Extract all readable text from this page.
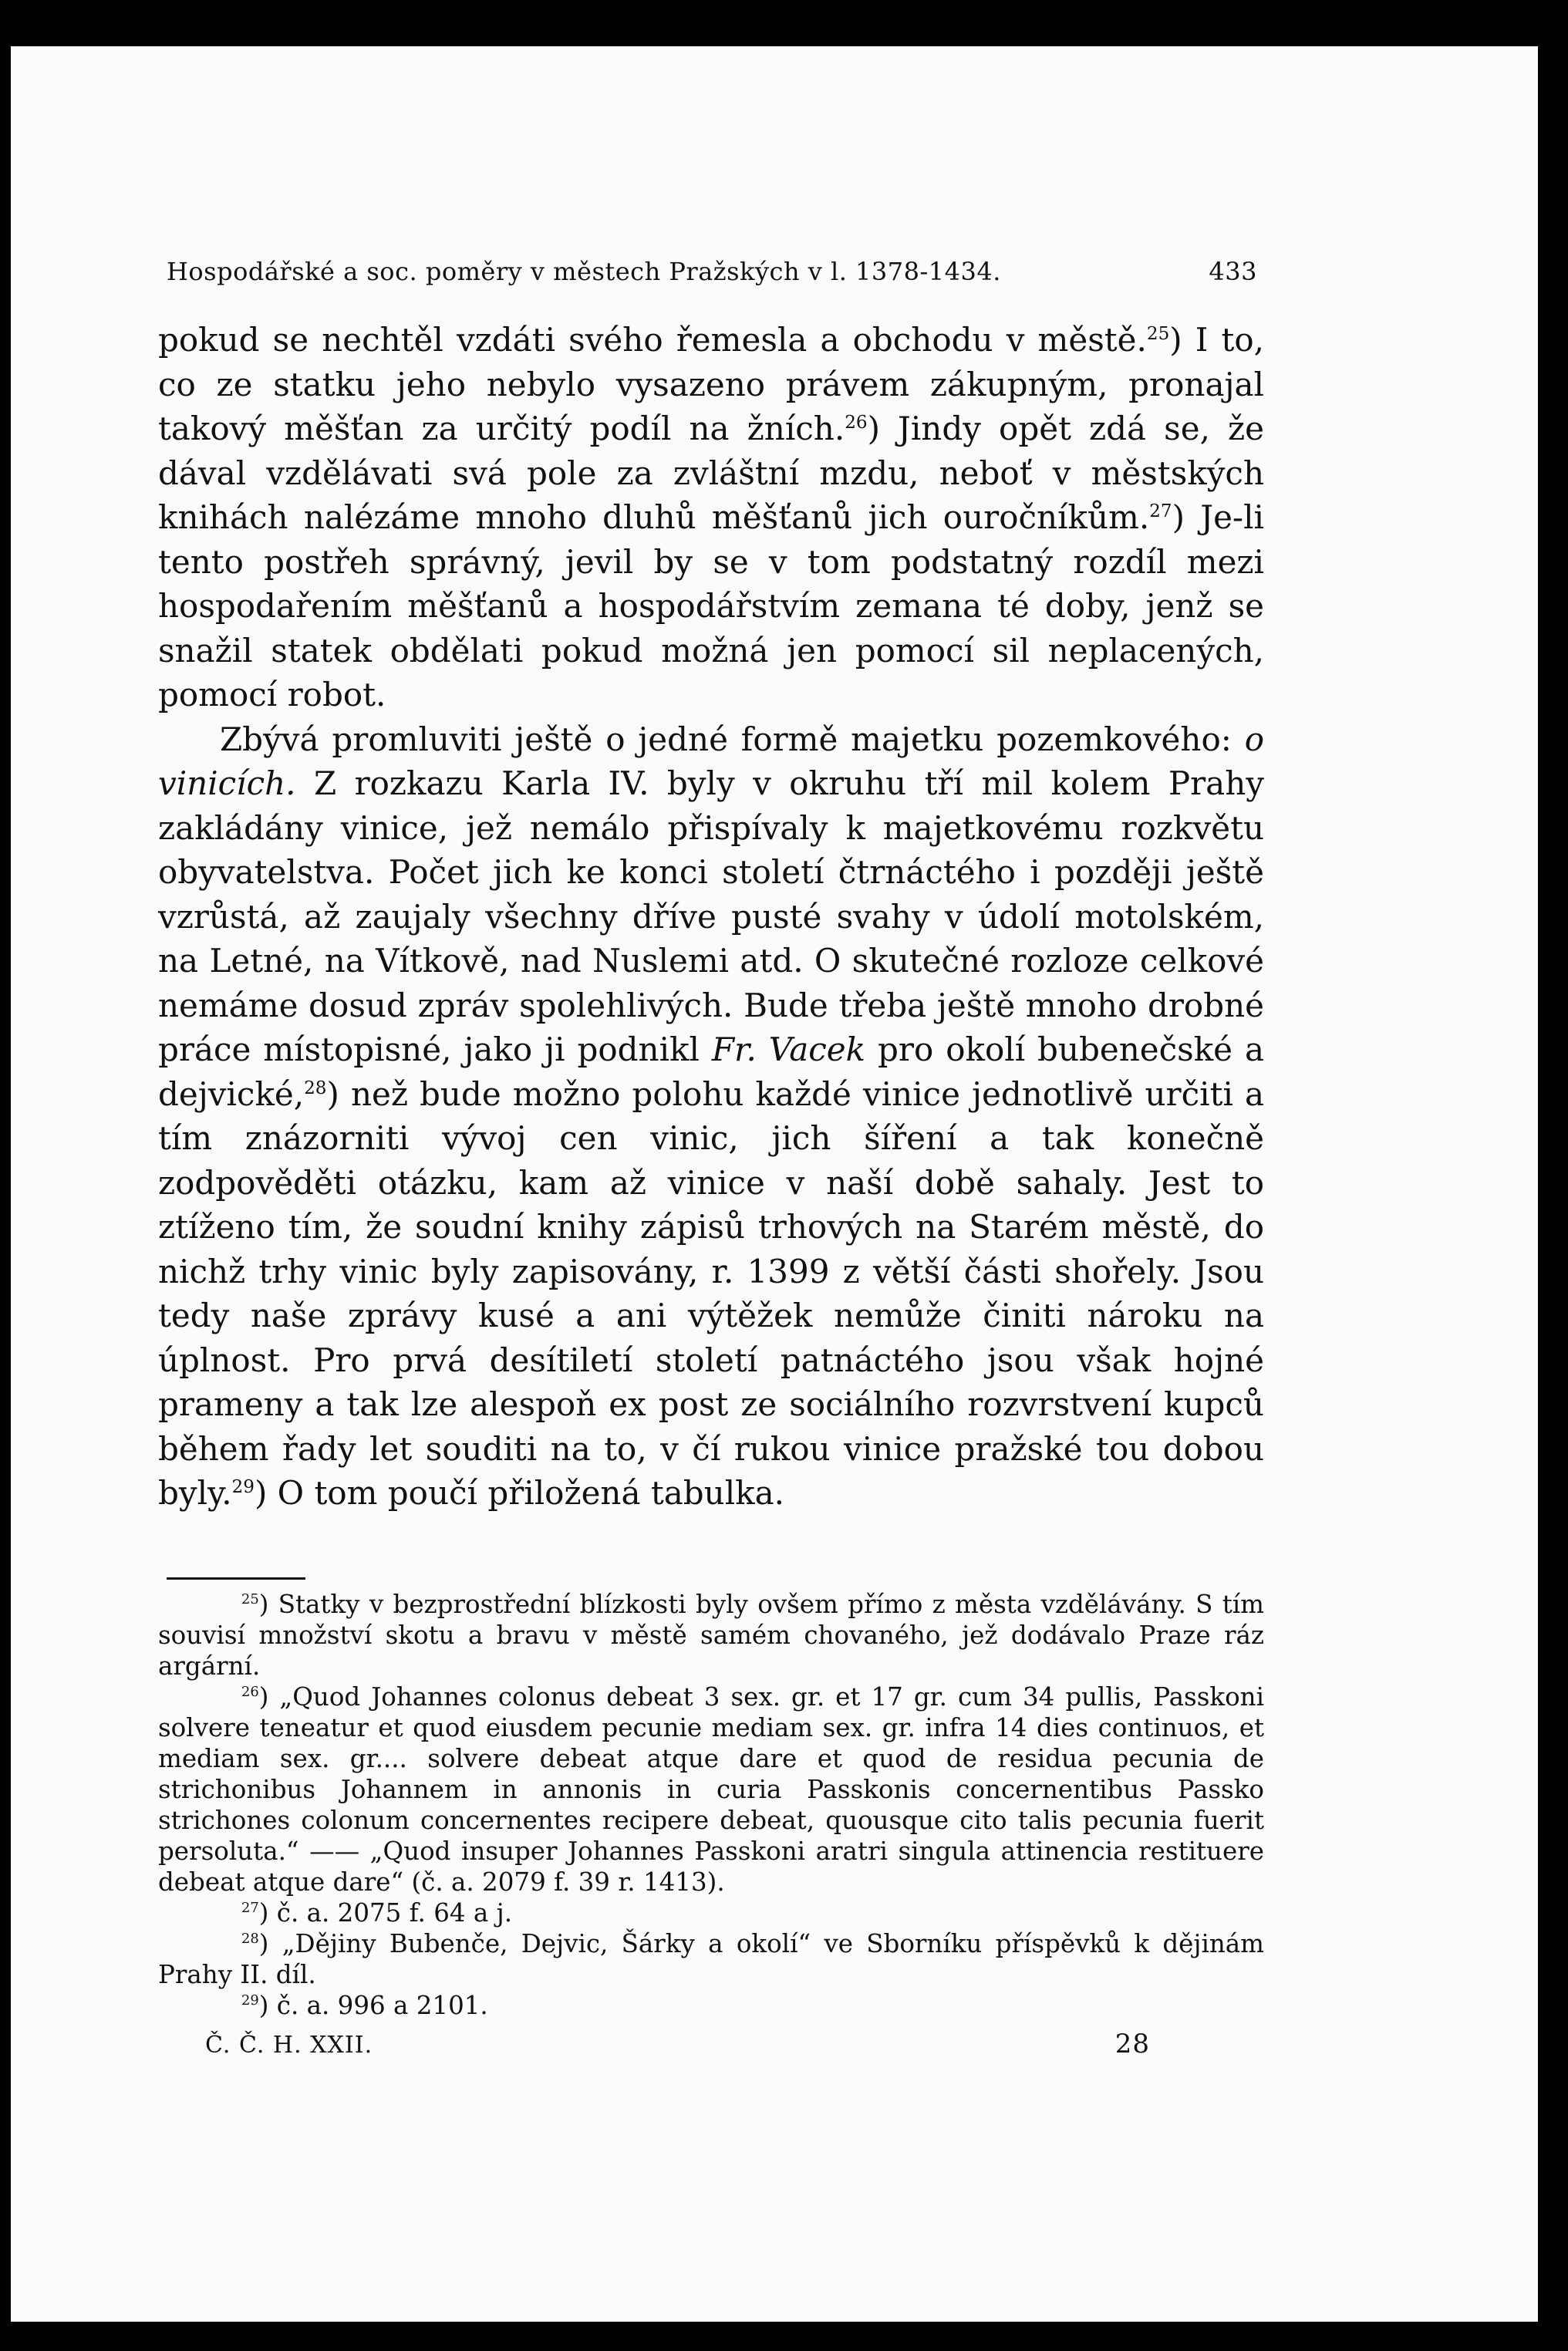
Hospodářské a soc. poměry v městech Pražských v l. 1378-1434.	433

pokud se nechtěl vzdáti svého řemesla a obchodu v městě.$^{25}$) I to, co ze statku jeho nebylo vysazeno právem zákupným, pronajal takový měšťan za určitý podíl na žních.$^{26}$) Jindy opět zdá se, že dával vzdělávati svá pole za zvláštní mzdu, neboť v městských knihách nalézáme mnoho dluhů měšťanů jich ouročníkům.$^{27}$) Je-li tento postřeh správný, jevil by se v tom podstatný rozdíl mezi hospodařením měšťanů a hospodářstvím zemana té doby, jenž se snažil statek obdělati pokud možná jen pomocí sil neplacených, pomocí robot.

Zbývá promluviti ještě o jedné formě majetku pozemkového: o vinicích. Z rozkazu Karla IV. byly v okruhu tří mil kolem Prahy zakládány vinice, jež nemálo přispívaly k majetkovému rozkvětu obyvatelstva. Počet jich ke konci století čtrnáctého i později ještě vzrůstá, až zaujaly všechny dříve pusté svahy v údolí motolském, na Letné, na Vítkově, nad Nuslemi atd. O skutečné rozloze celkové nemáme dosud zpráv spolehlivých. Bude třeba ještě mnoho drobné práce místopisné, jako ji podnikl Fr. Vacek pro okolí bubenečské a dejvické,$^{28}$) než bude možno polohu každé vinice jednotlivě určiti a tím znázorniti vývoj cen vinic, jich šíření a tak konečně zodpověděti otázku, kam až vinice v naší době sahaly. Jest to ztíženo tím, že soudní knihy zápisů trhových na Starém městě, do nichž trhy vinic byly zapisovány, r. 1399 z větší části shořely. Jsou tedy naše zprávy kusé a ani výtěžek nemůže činiti nároku na úplnost. Pro prvá desítiletí století patnáctého jsou však hojné prameny a tak lze alespoň ex post ze sociálního rozvrstvení kupců během řady let souditi na to, v čí rukou vinice pražské tou dobou byly.$^{29}$) O tom poučí přiložená tabulka.

$^{25}$) Statky v bezprostřední blízkosti byly ovšem přímo z města vzdělávány. S tím souvisí množství skotu a bravu v městě samém chovaného, jež dodávalo Praze ráz argární.

$^{26}$) „Quod Johannes colonus debeat 3 sex. gr. et 17 gr. cum 34 pullis, Passkoni solvere teneatur et quod eiusdem pecunie mediam sex. gr. infra 14 dies continuos, et mediam sex. gr.... solvere debeat atque dare et quod de residua pecunia de strichonibus Johannem in annonis in curia Passkonis concernentibus Passko strichones colonum concernentes recipere debeat, quousque cito talis pecunia fuerit persoluta.“ —— „Quod insuper Johannes Passkoni aratri singula attinencia restituere debeat atque dare“ (č. a. 2079 f. 39 r. 1413).

$^{27}$) č. a. 2075 f. 64 a j.

$^{28}$) „Dějiny Bubenče, Dejvic, Šárky a okolí“ ve Sborníku příspěvků k dějinám Prahy II. díl.

$^{29}$) č. a. 996 a 2101.

Č. Č. H. XXII.	28
